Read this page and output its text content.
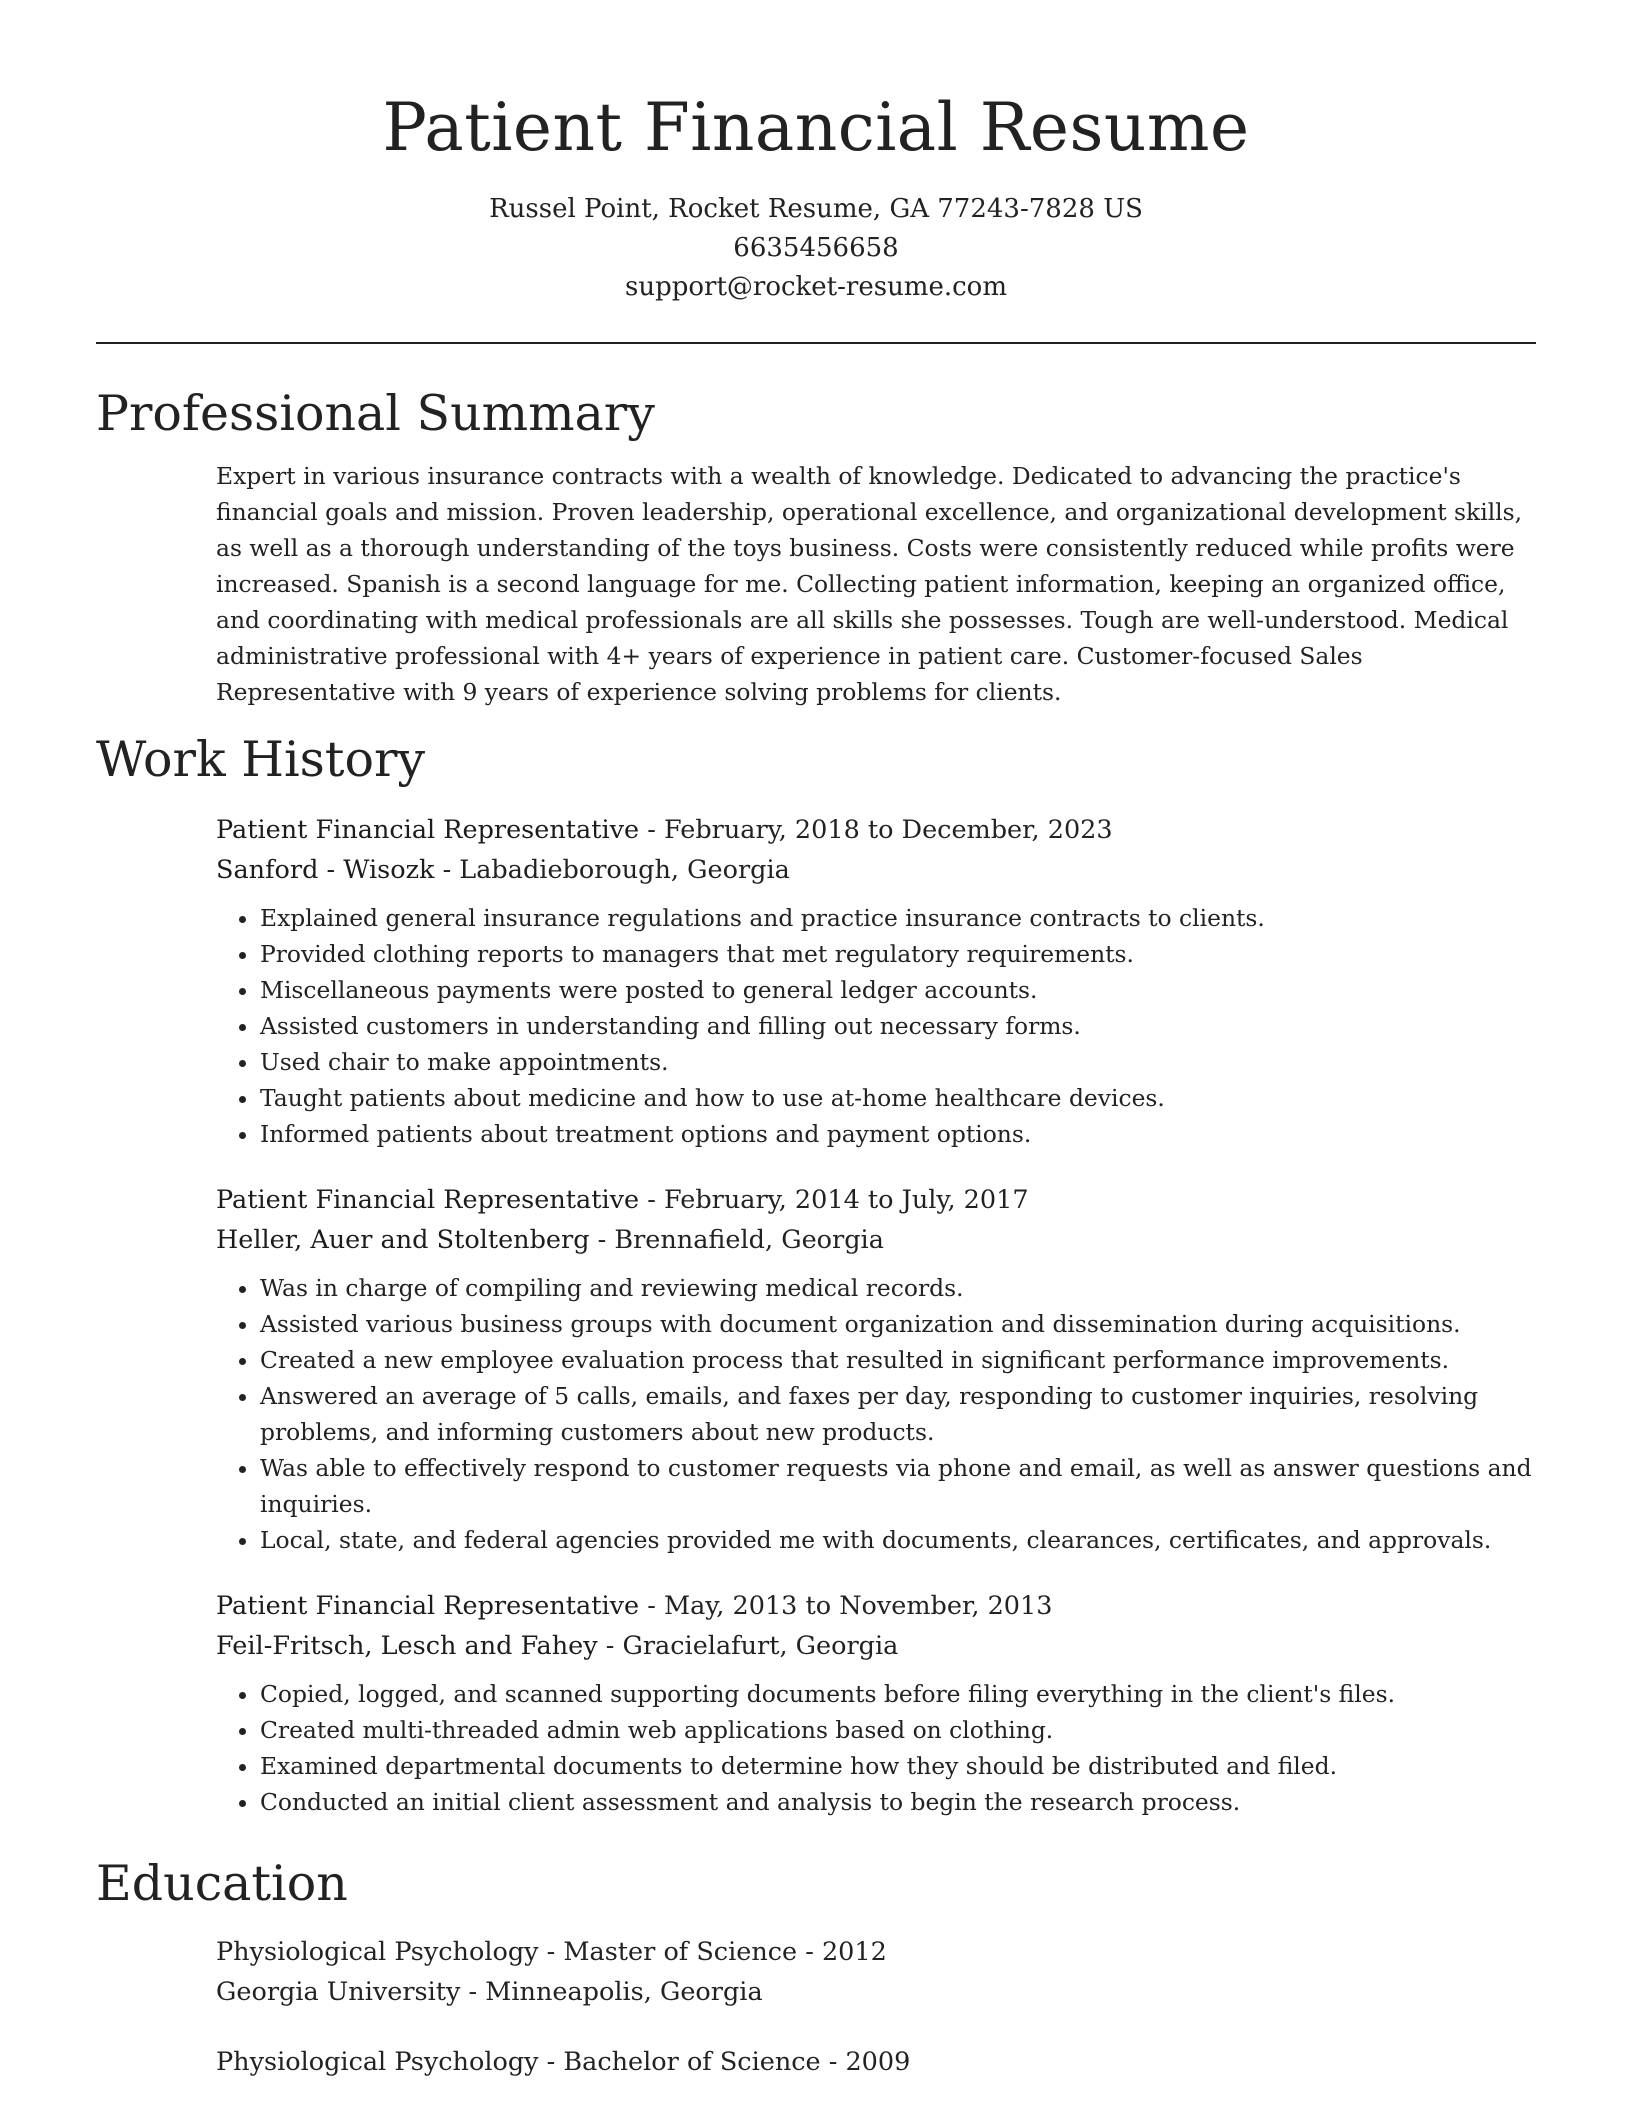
Patient Financial Resume
Russel Point, Rocket Resume, GA 77243-7828 US
6635456658
support@rocket-resume.com
Professional Summary

Expert in various insurance contracts with a wealth of knowledge. Dedicated to advancing the practice's financial goals and mission. Proven leadership, operational excellence, and organizational development skills, as well as a thorough understanding of the toys business. Costs were consistently reduced while profits were increased. Spanish is a second language for me. Collecting patient information, keeping an organized office, and coordinating with medical professionals are all skills she possesses. Tough are well-understood. Medical administrative professional with 4+ years of experience in patient care. Customer-focused Sales Representative with 9 years of experience solving problems for clients.

Work History
Patient Financial Representative - February, 2018 to December, 2023
Sanford - Wisozk - Labadieborough, Georgia
• Explained general insurance regulations and practice insurance contracts to clients.
• Provided clothing reports to managers that met regulatory requirements.
• Miscellaneous payments were posted to general ledger accounts.
• Assisted customers in understanding and filling out necessary forms.
• Used chair to make appointments.
• Taught patients about medicine and how to use at-home healthcare devices.
• Informed patients about treatment options and payment options.
Patient Financial Representative - February, 2014 to July, 2017
Heller, Auer and Stoltenberg - Brennafield, Georgia
• Was in charge of compiling and reviewing medical records.
• Assisted various business groups with document organization and dissemination during acquisitions.
• Created a new employee evaluation process that resulted in significant performance improvements.
• Answered an average of 5 calls, emails, and faxes per day, responding to customer inquiries, resolving problems, and informing customers about new products.
• Was able to effectively respond to customer requests via phone and email, as well as answer questions and inquiries.
• Local, state, and federal agencies provided me with documents, clearances, certificates, and approvals.
Patient Financial Representative - May, 2013 to November, 2013
Feil-Fritsch, Lesch and Fahey - Gracielafurt, Georgia
• Copied, logged, and scanned supporting documents before filing everything in the client's files.
• Created multi-threaded admin web applications based on clothing.
• Examined departmental documents to determine how they should be distributed and filed.
• Conducted an initial client assessment and analysis to begin the research process.
Education
Physiological Psychology - Master of Science - 2012
Georgia University - Minneapolis, Georgia
Physiological Psychology - Bachelor of Science - 2009
